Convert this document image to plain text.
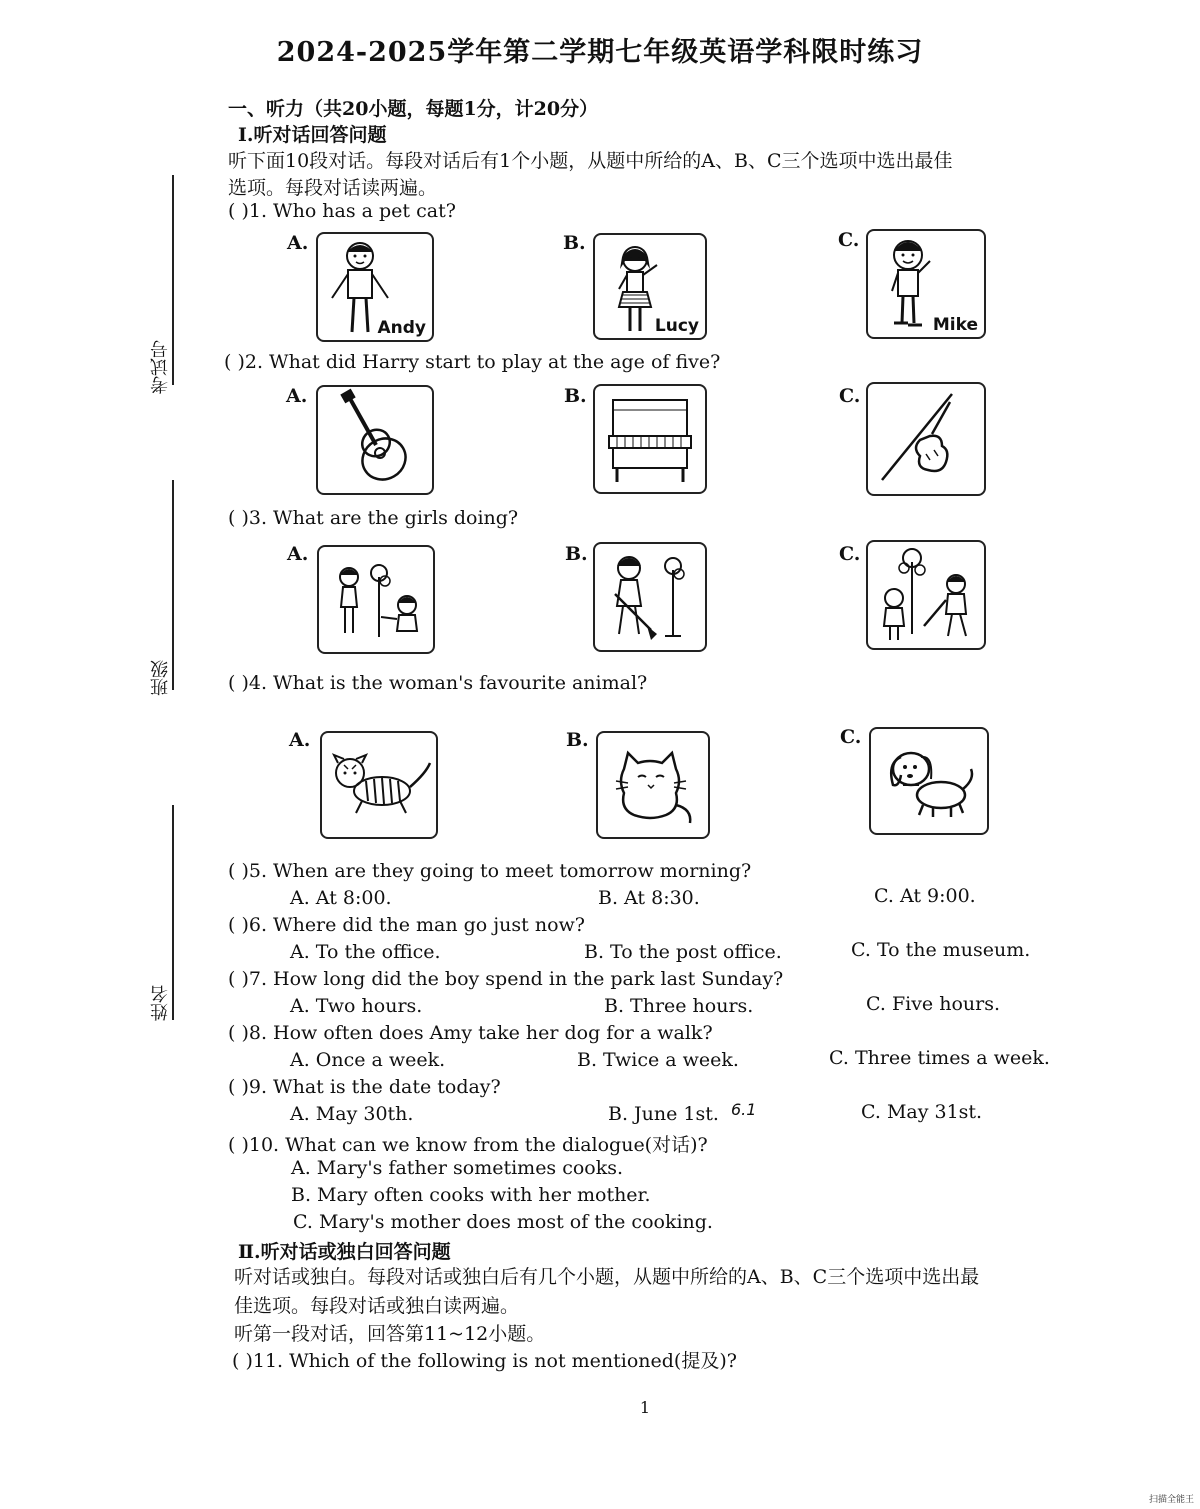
2024-2025学年第二学期七年级英语学科限时练习
考试号
班级
姓名
一、听力（共20小题，每题1分，计20分）
Ⅰ.听对话回答问题
听下面10段对话。每段对话后有1个小题，从题中所给的A、B、C三个选项中选出最佳
选项。每段对话读两遍。
( )1. Who has a pet cat?
A.
Andy
B.
Lucy
C.
Mike
( )2. What did Harry start to play at the age of five?
A.	B.	C.
( )3. What are the girls doing?
A.	B.	C.
( )4. What is the woman's favourite animal?
A.	B.	C.
( )5. When are they going to meet tomorrow morning?
A. At 8:00.	B. At 8:30.	C. At 9:00.
( )6. Where did the man go just now?
A. To the office.	B. To the post office.	C. To the museum.
( )7. How long did the boy spend in the park last Sunday?
A. Two hours.	B. Three hours.	C. Five hours.
( )8. How often does Amy take her dog for a walk?
A. Once a week.	B. Twice a week.	C. Three times a week.
( )9. What is the date today?
A. May 30th.	B. June 1st. 6.1	C. May 31st.
( )10. What can we know from the dialogue(对话)?
A. Mary's father sometimes cooks.
B. Mary often cooks with her mother.
C. Mary's mother does most of the cooking.
Ⅱ.听对话或独白回答问题
听对话或独白。每段对话或独白后有几个小题，从题中所给的A、B、C三个选项中选出最
佳选项。每段对话或独白读两遍。
听第一段对话，回答第11~12小题。
( )11. Which of the following is not mentioned(提及)?
1
扫描全能王
